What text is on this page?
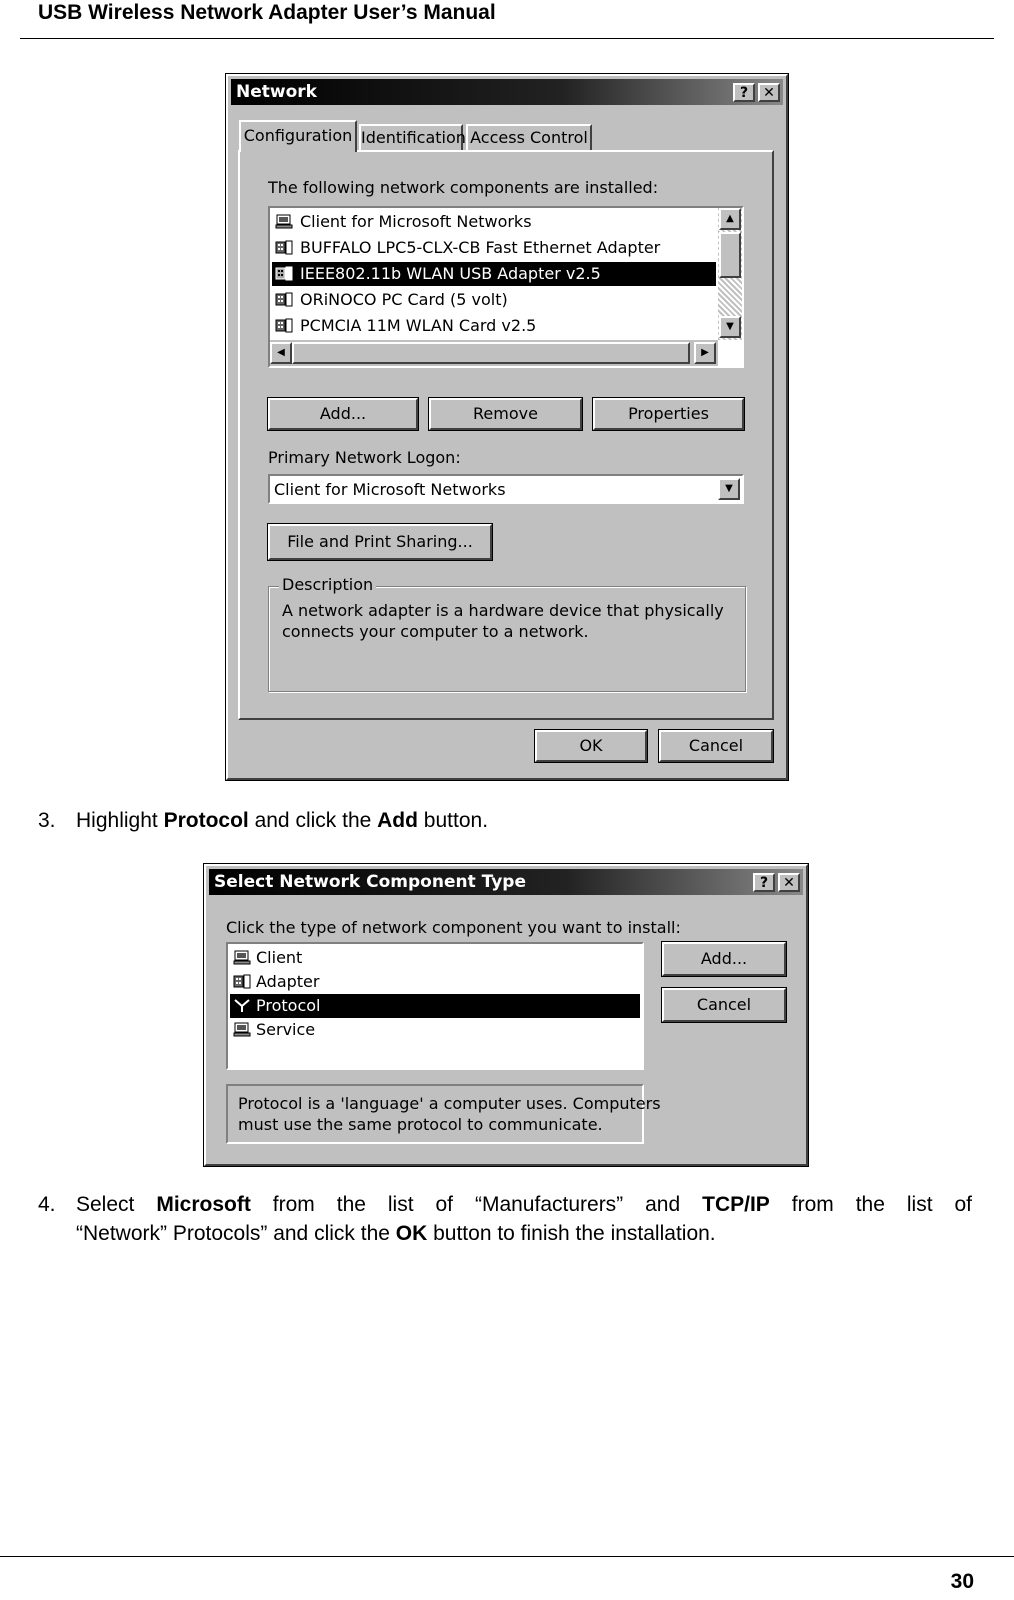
USB Wireless Network Adapter User’s Manual
Network	?	✕
Configuration Identification Access Control
The following network components are installed:
Client for Microsoft Networks
BUFFALO LPC5-CLX-CB Fast Ethernet Adapter
IEEE802.11b WLAN USB Adapter v2.5
ORiNOCO PC Card (5 volt)
PCMCIA 11M WLAN Card v2.5
▲
▼
◀	▶
Add...	Remove	Properties
Primary Network Logon:
Client for Microsoft Networks	▼
File and Print Sharing...
Description
A network adapter is a hardware device that physically
connects your computer to a network.
OK	Cancel
3. Highlight Protocol and click the Add button.
Select Network Component Type	?	✕
Click the type of network component you want to install:
Client
Adapter
Protocol
Service
Add...
Cancel
Protocol is a 'language' a computer uses. Computers
must use the same protocol to communicate.
4. Select Microsoft from the list of “Manufacturers” and TCP/IP from the list of
“Network” Protocols” and click the OK button to finish the installation.
30
